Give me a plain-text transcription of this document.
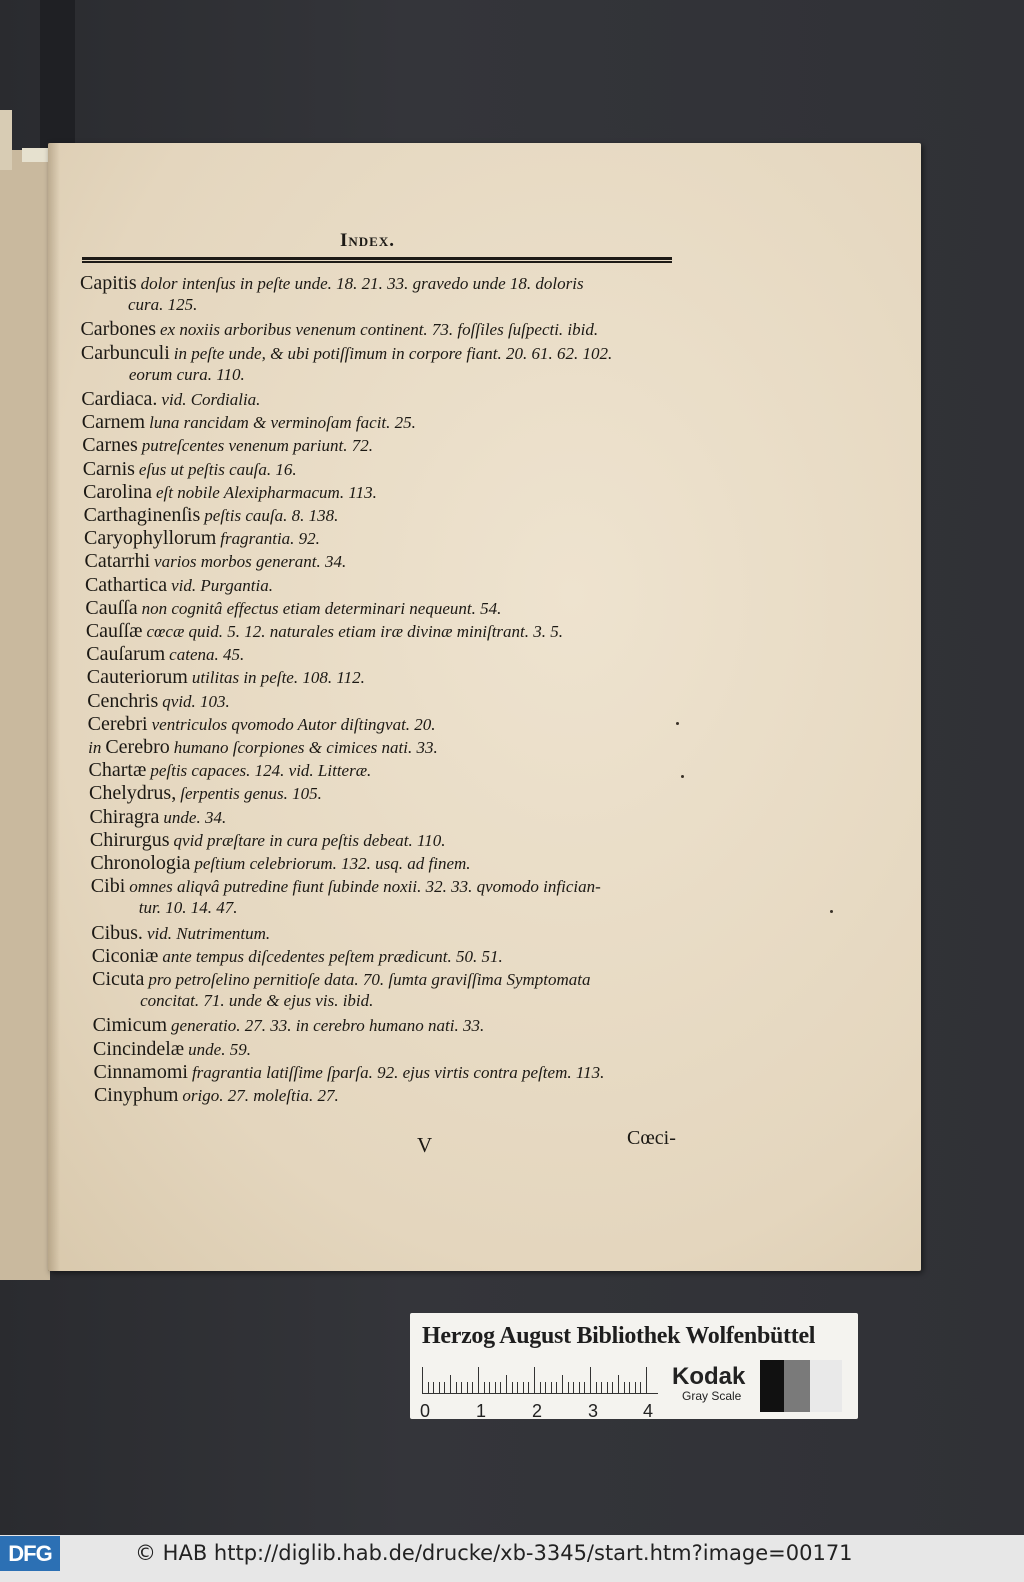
Index.
Capitis dolor intenſus in peſte unde. 18. 21. 33. gravedo unde 18. doloris
cura. 125.
Carbones ex noxiis arboribus venenum continent. 73. foſſiles ſuſpecti. ibid.
Carbunculi in peſte unde, & ubi potiſſimum in corpore fiant. 20. 61. 62. 102.
eorum cura. 110.
Cardiaca. vid. Cordialia.
Carnem luna rancidam & verminoſam facit. 25.
Carnes putreſcentes venenum pariunt. 72.
Carnis eſus ut peſtis cauſa. 16.
Carolina eſt nobile Alexipharmacum. 113.
Carthaginenſis peſtis cauſa. 8. 138.
Caryophyllorum fragrantia. 92.
Catarrhi varios morbos generant. 34.
Cathartica vid. Purgantia.
Cauſſa non cognitâ effectus etiam determinari nequeunt. 54.
Cauſſæ cœcæ quid. 5. 12. naturales etiam iræ divinæ miniſtrant. 3. 5.
Cauſarum catena. 45.
Cauteriorum utilitas in peſte. 108. 112.
Cenchris qvid. 103.
Cerebri ventriculos qvomodo Autor diſtingvat. 20.
in Cerebro humano ſcorpiones & cimices nati. 33.
Chartæ peſtis capaces. 124. vid. Litteræ.
Chelydrus, ſerpentis genus. 105.
Chiragra unde. 34.
Chirurgus qvid præſtare in cura peſtis debeat. 110.
Chronologia peſtium celebriorum. 132. usq. ad finem.
Cibi omnes aliqvâ putredine fiunt ſubinde noxii. 32. 33. qvomodo infician-
tur. 10. 14. 47.
Cibus. vid. Nutrimentum.
Ciconiæ ante tempus diſcedentes peſtem prædicunt. 50. 51.
Cicuta pro petroſelino pernitioſe data. 70. ſumta graviſſima Symptomata
concitat. 71. unde & ejus vis. ibid.
Cimicum generatio. 27. 33. in cerebro humano nati. 33.
Cincindelæ unde. 59.
Cinnamomi fragrantia latiſſime ſparſa. 92. ejus virtis contra peſtem. 113.
Cinyphum origo. 27. moleſtia. 27.
V	Cœci-
Herzog August Bibliothek Wolfenbüttel
0	1	2	3 4
Kodak
Gray Scale
DFG	© HAB http://diglib.hab.de/drucke/xb-3345/start.htm?image=00171
